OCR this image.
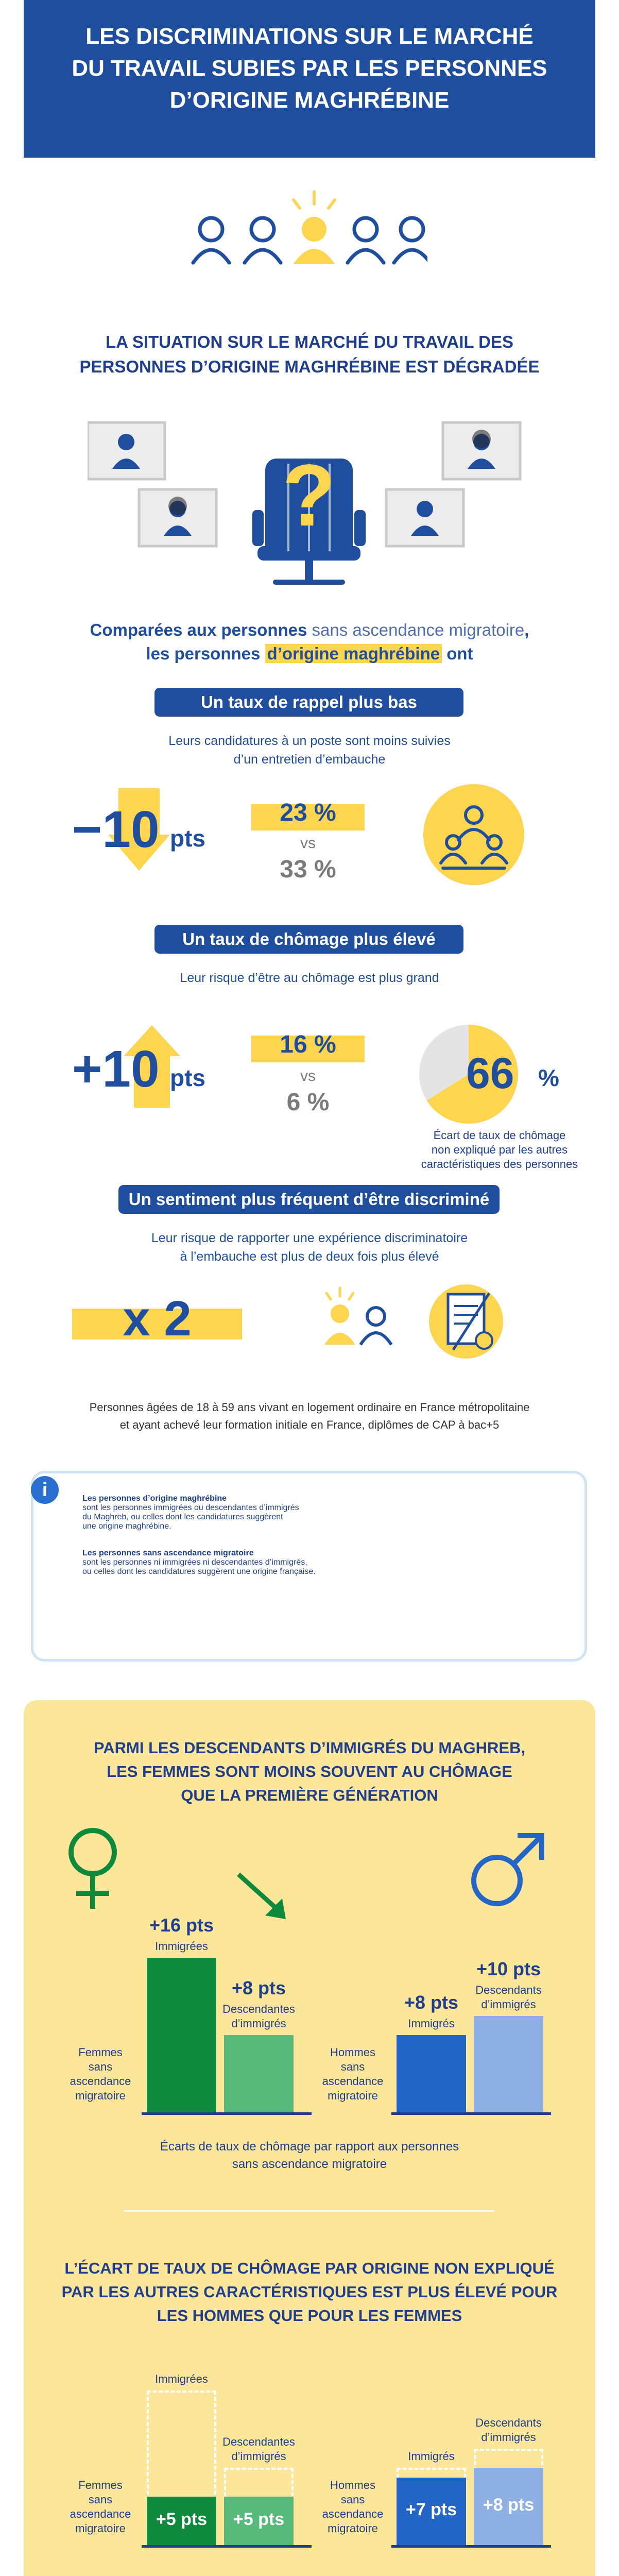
LES DISCRIMINATIONS SUR LE MARCHÉ
DU TRAVAIL SUBIES PAR LES PERSONNES
D’ORIGINE MAGHRÉBINE
LA SITUATION SUR LE MARCHÉ DU TRAVAIL DES
PERSONNES D’ORIGINE MAGHRÉBINE EST DÉGRADÉE
?
Comparées aux personnes sans ascendance migratoire,
les personnes d’origine maghrébine ont
Un taux de rappel plus bas
Leurs candidatures à un poste sont moins suivies
d’un entretien d’embauche
−10 pts
23 %
vs
33 %
Un taux de chômage plus élevé
Leur risque d’être au chômage est plus grand
+10 pts
16 %
vs
6 %
66 %
Écart de taux de chômage
non expliqué par les autres
caractéristiques des personnes
Un sentiment plus fréquent d’être discriminé
Leur risque de rapporter une expérience discriminatoire
à l’embauche est plus de deux fois plus élevé
x 2
Personnes âgées de 18 à 59 ans vivant en logement ordinaire en France métropolitaine
et ayant achevé leur formation initiale en France, diplômes de CAP à bac+5
i	Les personnes d’origine maghrébine

sont les personnes immigrées ou descendantes d’immigrés

du Maghreb, ou celles dont les candidatures suggèrent

une origine maghrébine.

Les personnes sans ascendance migratoire

sont les personnes ni immigrées ni descendantes d’immigrés,

ou celles dont les candidatures suggèrent une origine française.

PARMI LES DESCENDANTS D’IMMIGRÉS DU MAGHREB,
LES FEMMES SONT MOINS SOUVENT AU CHÔMAGE
QUE LA PREMIÈRE GÉNÉRATION
Femmes
sans
ascendance
migratoire
+16 pts
Immigrées
+8 pts
Descendantes
d’immigrés
Hommes
sans
ascendance
migratoire
+8 pts
Immigrés
+10 pts
Descendants
d’immigrés
Écarts de taux de chômage par rapport aux personnes
sans ascendance migratoire
L’ÉCART DE TAUX DE CHÔMAGE PAR ORIGINE NON EXPLIQUÉ
PAR LES AUTRES CARACTÉRISTIQUES EST PLUS ÉLEVÉ POUR
LES HOMMES QUE POUR LES FEMMES
Femmes
sans
ascendance
migratoire	+5 pts	+5 pts
Immigrées
Descendantes
d’immigrés
Hommes
sans
ascendance
migratoire
+7 pts	+8 pts
Immigrés
Descendants
d’immigrés
